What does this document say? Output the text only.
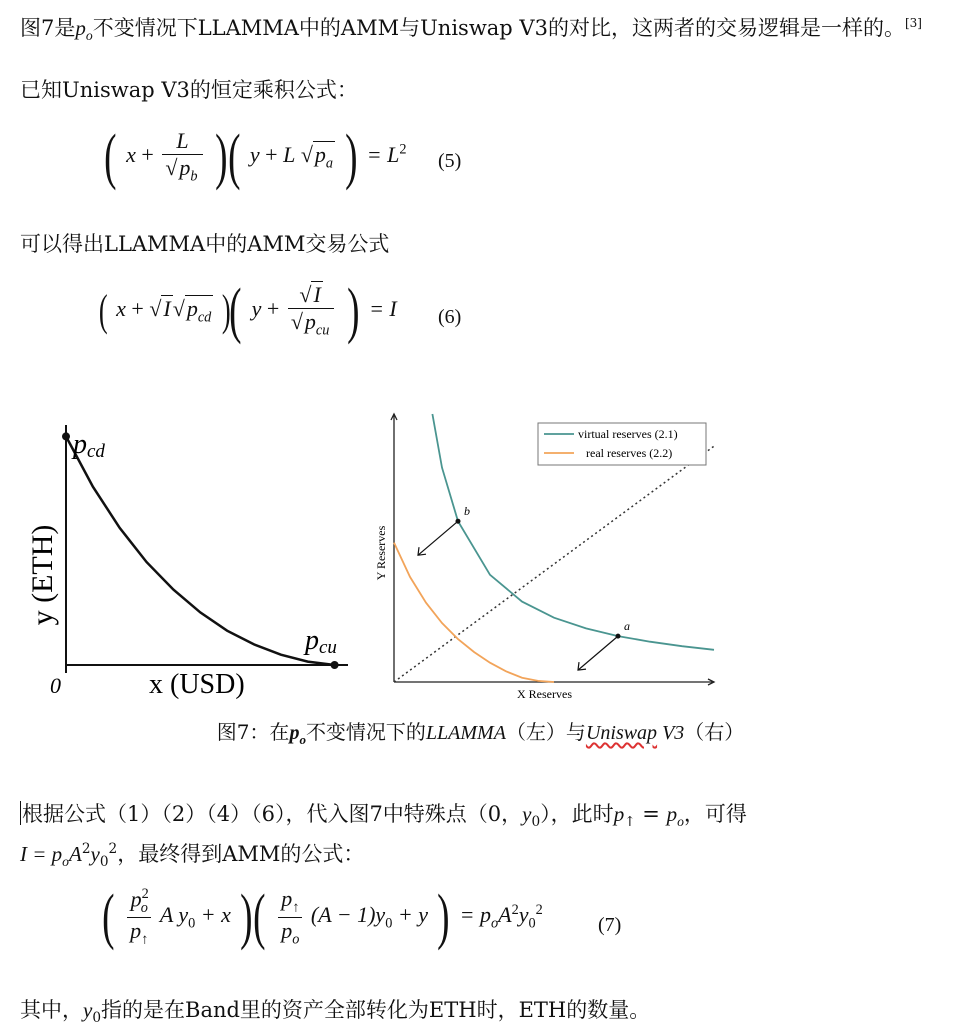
图7是$p_o$不变情况下LLAMMA中的AMM与Uniswap V3的对比，这两者的交易逻辑是一样的。[3]
已知Uniswap V3的恒定乘积公式：
( $x + \frac{L}{√p_b}$ )( y + L $√p_a$ ) = $L^2$
(5)
可以得出LLAMMA中的AMM交易公式
( $x + √I√p_{cd}$ )( $y + \frac{√I}{√p_{cu}}$ ) = I (6)
pcd
pcu
0	x (USD)
y (ETH)
b
a
X Reserves
Y Reserves
virtual reserves (2.1)
real reserves (2.2)
图7：在$p_o$不变情况下的LLAMMA（左）与Uniswap V3（右）
根据公式（1）（2）（4）（6），代入图7中特殊点（0，$y_0$），此时$p_↑ = p_o$，可得
$I = p_oA^2y_0^2$，最终得到AMM的公式：
( $\frac{p^2_o}{p_↑}$ A $y_0 + x$ )( $\frac{p_↑}{p_o} (A - 1)y_0 + y$ ) = $p_oA^2y_0^2$
(7)
其中，$y_0$指的是在Band里的资产全部转化为ETH时，ETH的数量。
